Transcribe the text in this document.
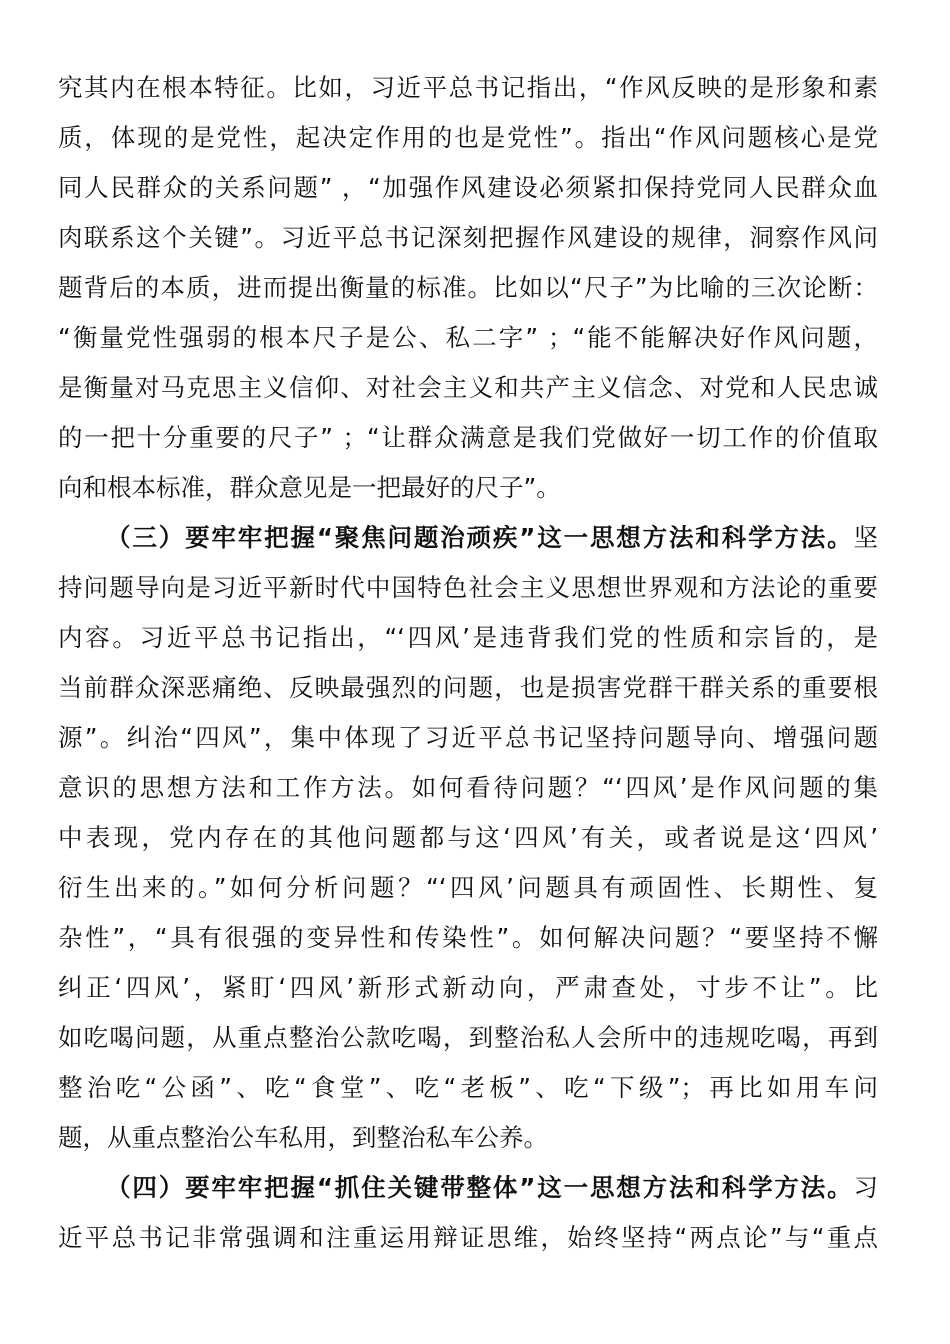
究其内在根本特征。比如，习近平总书记指出，“作风反映的是形象和素
质，体现的是党性，起决定作用的也是党性”。指出“作风问题核心是党
同人民群众的关系问题” ，“加强作风建设必须紧扣保持党同人民群众血
肉联系这个关键”。习近平总书记深刻把握作风建设的规律，洞察作风问
题背后的本质，进而提出衡量的标准。比如以“尺子”为比喻的三次论断：
“衡量党性强弱的根本尺子是公、私二字” ；“能不能解决好作风问题，
是衡量对马克思主义信仰、对社会主义和共产主义信念、对党和人民忠诚
的一把十分重要的尺子” ；“让群众满意是我们党做好一切工作的价值取
向和根本标准，群众意见是一把最好的尺子”。
（三）要牢牢把握“聚焦问题治顽疾”这一思想方法和科学方法。坚
持问题导向是习近平新时代中国特色社会主义思想世界观和方法论的重要
内容。习近平总书记指出，“‘四风’是违背我们党的性质和宗旨的，是
当前群众深恶痛绝、反映最强烈的问题，也是损害党群干群关系的重要根
源”。纠治“四风”，集中体现了习近平总书记坚持问题导向、增强问题
意识的思想方法和工作方法。如何看待问题？“‘四风’是作风问题的集
中表现，党内存在的其他问题都与这‘四风’有关，或者说是这‘四风’
衍生出来的。”如何分析问题？“‘四风’问题具有顽固性、长期性、复
杂性”，“具有很强的变异性和传染性”。如何解决问题？“要坚持不懈
纠正‘四风’，紧盯‘四风’新形式新动向，严肃查处，寸步不让”。比
如吃喝问题，从重点整治公款吃喝，到整治私人会所中的违规吃喝，再到
整治吃“公函”、吃“食堂”、吃“老板”、吃“下级”；再比如用车问
题，从重点整治公车私用，到整治私车公养。
（四）要牢牢把握“抓住关键带整体”这一思想方法和科学方法。习
近平总书记非常强调和注重运用辩证思维，始终坚持“两点论”与“重点
